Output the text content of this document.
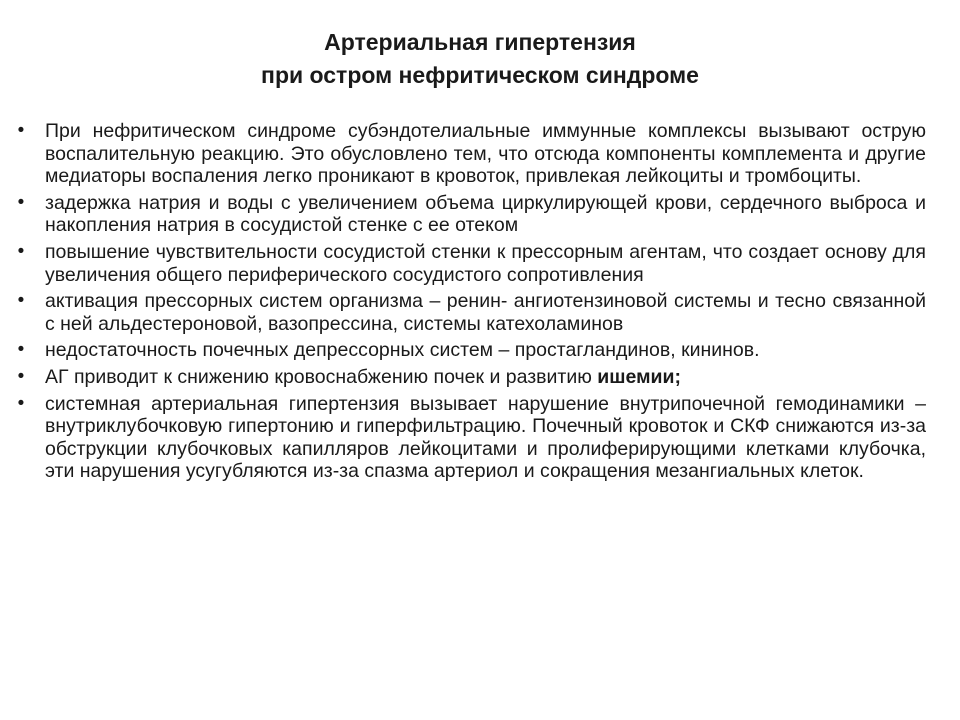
Артериальная гипертензия
при остром нефритическом синдроме
• При нефритическом синдроме субэндотелиальные иммунные комплексы вызывают острую воспалительную реакцию. Это обусловлено тем, что отсюда компоненты комплемента и другие медиаторы воспаления легко проникают в кровоток, привлекая лейкоциты и тромбоциты.
• задержка натрия и воды с увеличением объема циркулирующей крови, сердечного выброса и накопления натрия в сосудистой стенке с ее отеком
• повышение чувствительности сосудистой стенки к прессорным агентам, что создает основу для увеличения общего периферического сосудистого сопротивления
• активация прессорных систем организма – ренин- ангиотензиновой системы и тесно связанной с ней альдестероновой, вазопрессина, системы катехоламинов
• недостаточность почечных депрессорных систем – простагландинов, кининов.
• АГ приводит к снижению кровоснабжению почек и развитию ишемии;
• системная артериальная гипертензия вызывает нарушение внутрипочечной гемодинамики – внутриклубочковую гипертонию и гиперфильтрацию. Почечный кровоток и СКФ снижаются из-за обструкции клубочковых капилляров лейкоцитами и пролиферирующими клетками клубочка, эти нарушения усугубляются из-за спазма артериол и сокращения мезангиальных клеток.
